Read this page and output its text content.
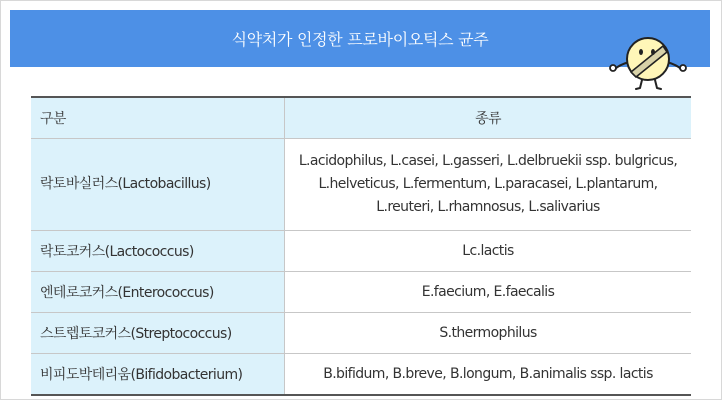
식약처가 인정한 프로바이오틱스 균주
구분	종류
락토바실러스(Lactobacillus)	L.acidophilus, L.casei, L.gasseri, L.delbruekii ssp. bulgricus,
L.helveticus, L.fermentum, L.paracasei, L.plantarum,
L.reuteri, L.rhamnosus, L.salivarius

락토코커스(Lactococcus)	Lc.lactis
엔테로코커스(Enterococcus)	E.faecium, E.faecalis
스트렙토코커스(Streptococcus)	S.thermophilus
비피도박테리움(Bifidobacterium)	B.bifidum, B.breve, B.longum, B.animalis ssp. lactis
